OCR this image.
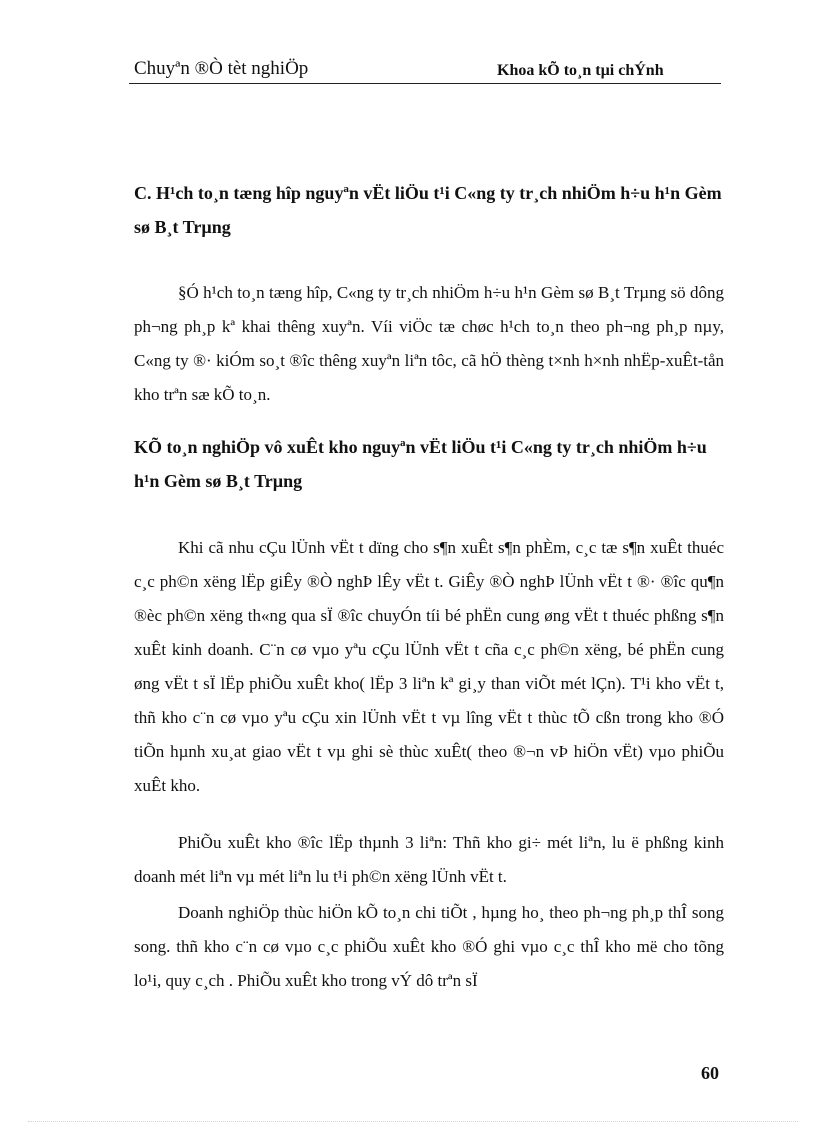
Chuyªn ®Ò tèt nghiÖp	Khoa kÕ to¸n tµi chÝnh
C. H¹ch to¸n tæng hîp nguyªn vËt liÖu t¹i C«ng ty tr¸ch nhiÖm h÷u h¹n Gèm sø B¸t Trµng
§Ó h¹ch to¸n tæng hîp, C«ng ty tr¸ch nhiÖm h÷u h¹n Gèm sø B¸t Trµng sö dông ph¬ng ph¸p kª khai thêng xuyªn. Víi viÖc tæ chøc h¹ch to¸n theo ph¬ng ph¸p nµy, C«ng ty ®· kiÓm so¸t ®îc thêng xuyªn liªn tôc, cã hÖ thèng t×nh h×nh nhËp-xuÊt-tån kho trªn sæ kÕ to¸n.
KÕ to¸n nghiÖp vô xuÊt kho nguyªn vËt liÖu t¹i C«ng ty tr¸ch nhiÖm h÷u h¹n Gèm sø B¸t Trµng
Khi cã nhu cÇu lÜnh vËt t dïng cho s¶n xuÊt s¶n phÈm, c¸c tæ s¶n xuÊt thuéc c¸c ph©n xëng lËp giÊy ®Ò nghÞ lÊy vËt t. GiÊy ®Ò nghÞ lÜnh vËt t ®· ®îc qu¶n ®èc ph©n xëng th«ng qua sÏ ®îc chuyÓn tíi bé phËn cung øng vËt t thuéc phßng s¶n xuÊt kinh doanh. C¨n cø vµo yªu cÇu lÜnh vËt t cña c¸c ph©n xëng, bé phËn cung øng vËt t sÏ lËp phiÕu xuÊt kho( lËp 3 liªn kª gi¸y than viÕt mét lÇn). T¹i kho vËt t, thñ kho c¨n cø vµo yªu cÇu xin lÜnh vËt t vµ lîng vËt t thùc tÕ cßn trong kho ®Ó tiÕn hµnh xu¸at giao vËt t vµ ghi sè thùc xuÊt( theo ®¬n vÞ hiÖn vËt) vµo phiÕu xuÊt kho.
PhiÕu xuÊt kho ®îc lËp thµnh 3 liªn: Thñ kho gi÷ mét liªn, lu ë phßng kinh doanh mét liªn vµ mét liªn lu t¹i ph©n xëng lÜnh vËt t.
Doanh nghiÖp thùc hiÖn kÕ to¸n chi tiÕt , hµng ho¸ theo ph¬ng ph¸p thÎ song song. thñ kho c¨n cø vµo c¸c phiÕu xuÊt kho ®Ó ghi vµo c¸c thÎ kho më cho tõng lo¹i, quy c¸ch . PhiÕu xuÊt kho trong vÝ dô trªn sÏ
60
